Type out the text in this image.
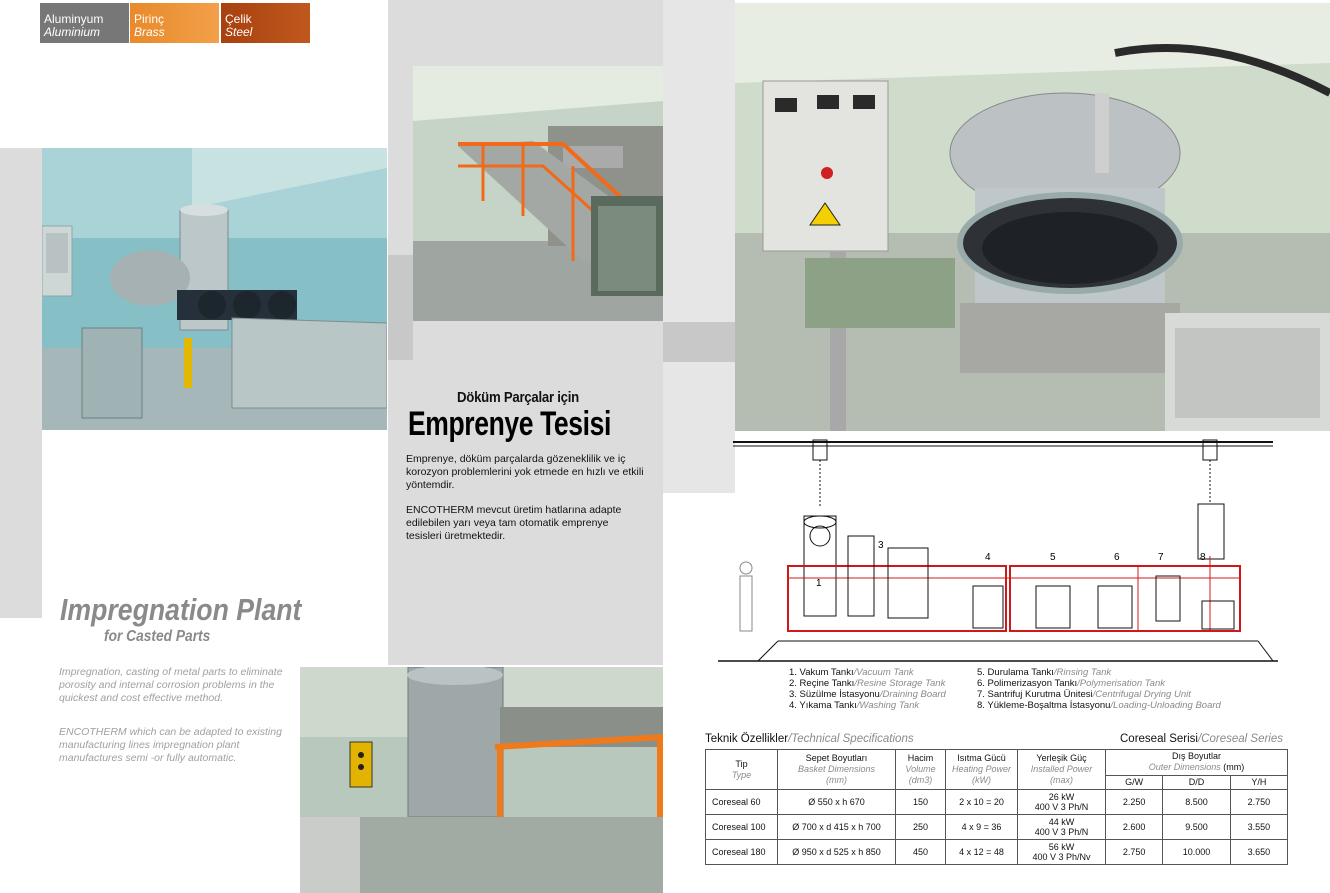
Aluminyum
Aluminium
Pirinç
Brass
Çelik
Steel
Döküm Parçalar için
Emprenye Tesisi
Emprenye, döküm parçalarda gözeneklilik ve iç korozyon problemlerini yok etmede en hızlı ve etkili yöntemdir.
ENCOTHERM mevcut üretim hatlarına adapte edilebilen yarı veya tam otomatik emprenye tesisleri üretmektedir.
Impregnation Plant
for Casted Parts
Impregnation, casting of metal parts to eliminate porosity and internal corrosion problems in the quickest and cost effective method.
ENCOTHERM which can be adapted to existing manufacturing lines impregnation plant manufactures semi -or fully automatic.
3
1
4	5	6	7	8
1. Vakum Tankı/Vacuum Tank
2. Reçine Tankı/Resine Storage Tank
3. Süzülme İstasyonu/Draining Board
4. Yıkama Tankı/Washing Tank
5. Durulama Tankı/Rinsing Tank
6. Polimerizasyon Tankı/Polymerisation Tank
7. Santrifuj Kurutma Ünitesi/Centrifugal Drying Unit
8. Yükleme-Boşaltma İstasyonu/Loading-Unloading Board
Teknik Özellikler/Technical Specifications	Coreseal Serisi/Coreseal Series
Tip
Type	Sepet Boyutları
Basket Dimensions
(mm)	Hacim
Volume
(dm3)	Isıtma Gücü
Heating Power
(kW)	Yerleşik Güç
Installed Power
(max)	Dış Boyutlar
Outer Dimensions (mm)		
					G/W	D/D	Y/H
Coreseal 60	Ø 550 x h 670	150	2 x 10 = 20	26 kW
400 V 3 Ph/N	2.250	8.500	2.750
Coreseal 100	Ø 700 x d 415 x h 700	250	4 x 9 = 36	44 kW
400 V 3 Ph/N	2.600	9.500	3.550
Coreseal 180	Ø 950 x d 525 x h 850	450	4 x 12 = 48	56 kW
400 V 3 Ph/Nv	2.750	10.000	3.650
